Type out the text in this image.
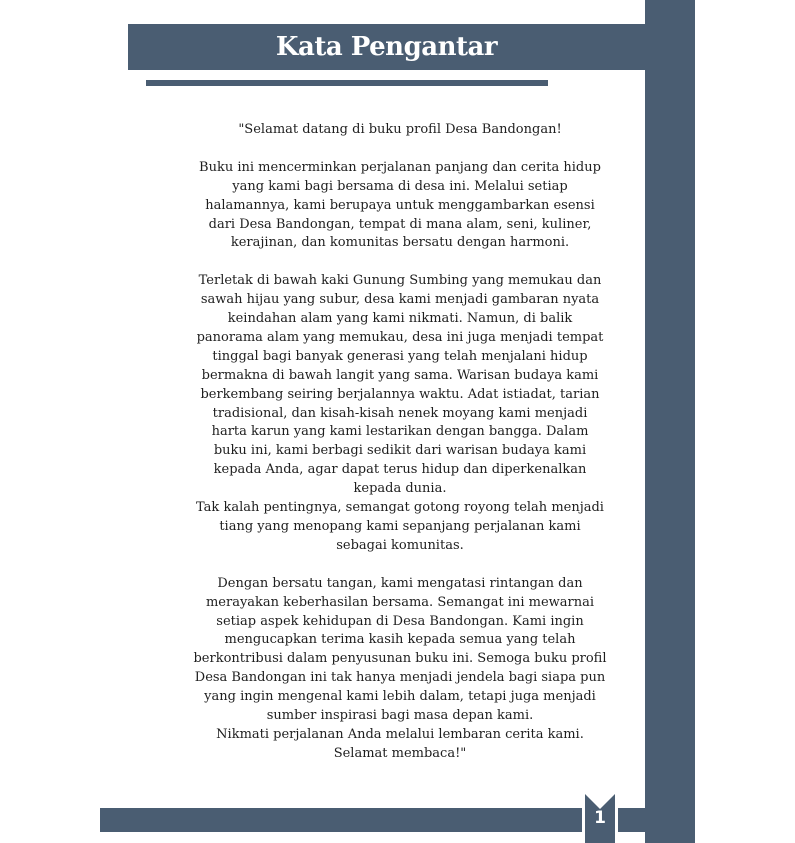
Kata Pengantar

"Selamat datang di buku profil Desa Bandongan!

Buku ini mencerminkan perjalanan panjang dan cerita hidup
yang kami bagi bersama di desa ini. Melalui setiap
halamannya, kami berupaya untuk menggambarkan esensi
dari Desa Bandongan, tempat di mana alam, seni, kuliner,
kerajinan, dan komunitas bersatu dengan harmoni.

Terletak di bawah kaki Gunung Sumbing yang memukau dan
sawah hijau yang subur, desa kami menjadi gambaran nyata
keindahan alam yang kami nikmati. Namun, di balik
panorama alam yang memukau, desa ini juga menjadi tempat
tinggal bagi banyak generasi yang telah menjalani hidup
bermakna di bawah langit yang sama. Warisan budaya kami
berkembang seiring berjalannya waktu. Adat istiadat, tarian
tradisional, dan kisah-kisah nenek moyang kami menjadi
harta karun yang kami lestarikan dengan bangga. Dalam
buku ini, kami berbagi sedikit dari warisan budaya kami
kepada Anda, agar dapat terus hidup dan diperkenalkan
kepada dunia.

Tak kalah pentingnya, semangat gotong royong telah menjadi
tiang yang menopang kami sepanjang perjalanan kami
sebagai komunitas.

Dengan bersatu tangan, kami mengatasi rintangan dan
merayakan keberhasilan bersama. Semangat ini mewarnai
setiap aspek kehidupan di Desa Bandongan. Kami ingin
mengucapkan terima kasih kepada semua yang telah
berkontribusi dalam penyusunan buku ini. Semoga buku profil
Desa Bandongan ini tak hanya menjadi jendela bagi siapa pun
yang ingin mengenal kami lebih dalam, tetapi juga menjadi
sumber inspirasi bagi masa depan kami.

Nikmati perjalanan Anda melalui lembaran cerita kami.
Selamat membaca!"

1
